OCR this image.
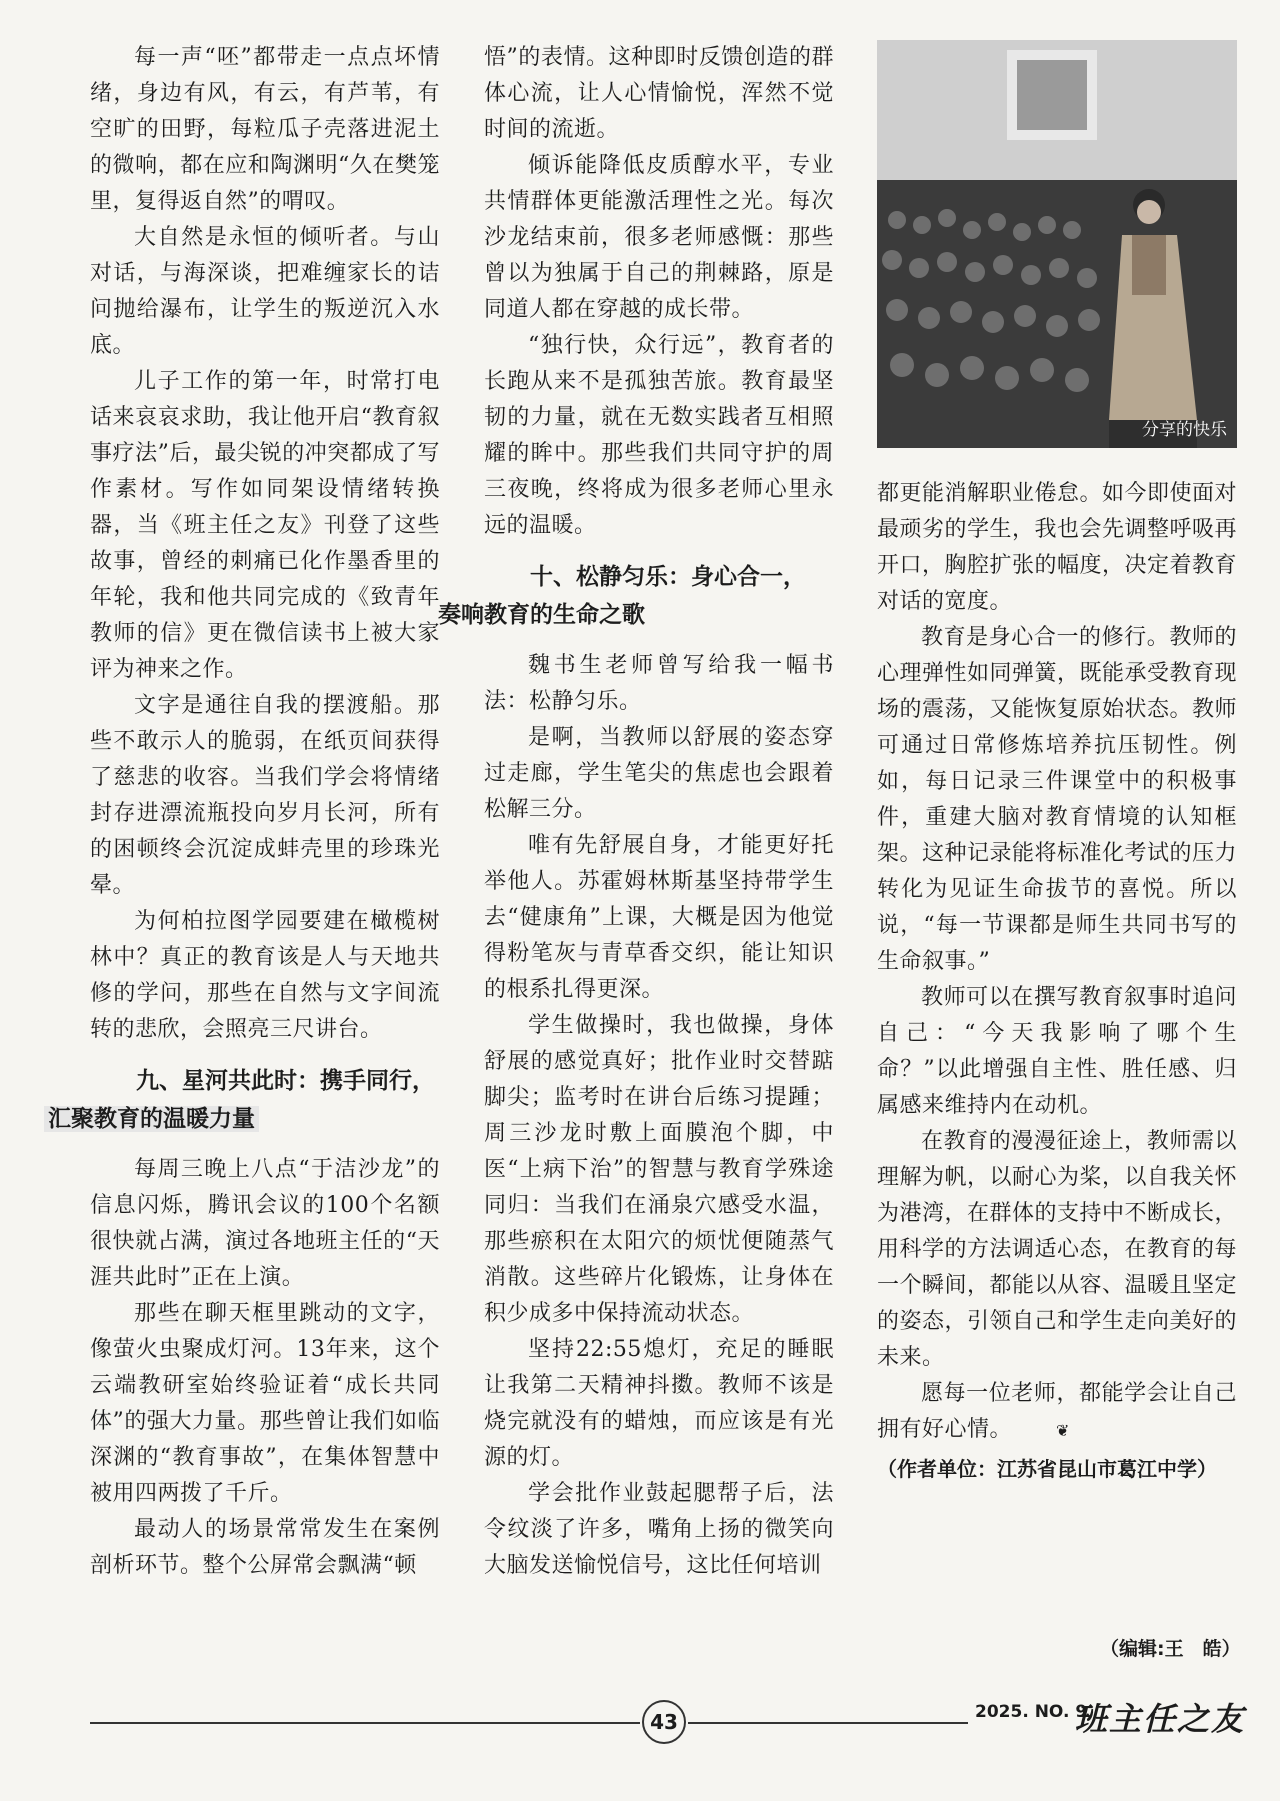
每一声“呸”都带走一点点坏情绪，身边有风，有云，有芦苇，有空旷的田野，每粒瓜子壳落进泥土的微响，都在应和陶渊明“久在樊笼里，复得返自然”的喟叹。

大自然是永恒的倾听者。与山对话，与海深谈，把难缠家长的诘问抛给瀑布，让学生的叛逆沉入水底。

儿子工作的第一年，时常打电话来哀哀求助，我让他开启“教育叙事疗法”后，最尖锐的冲突都成了写作素材。写作如同架设情绪转换器，当《班主任之友》刊登了这些故事，曾经的刺痛已化作墨香里的年轮，我和他共同完成的《致青年教师的信》更在微信读书上被大家评为神来之作。

文字是通往自我的摆渡船。那些不敢示人的脆弱，在纸页间获得了慈悲的收容。当我们学会将情绪封存进漂流瓶投向岁月长河，所有的困顿终会沉淀成蚌壳里的珍珠光晕。

为何柏拉图学园要建在橄榄树林中？真正的教育该是人与天地共修的学问，那些在自然与文字间流转的悲欣，会照亮三尺讲台。

九、星河共此时：携手同行，
汇聚教育的温暖力量

每周三晚上八点“于洁沙龙”的信息闪烁，腾讯会议的100个名额很快就占满，演过各地班主任的“天涯共此时”正在上演。

那些在聊天框里跳动的文字，像萤火虫聚成灯河。13年来，这个云端教研室始终验证着“成长共同体”的强大力量。那些曾让我们如临深渊的“教育事故”，在集体智慧中被用四两拨了千斤。

最动人的场景常常发生在案例剖析环节。整个公屏常会飘满“顿

悟”的表情。这种即时反馈创造的群体心流，让人心情愉悦，浑然不觉时间的流逝。

倾诉能降低皮质醇水平，专业共情群体更能激活理性之光。每次沙龙结束前，很多老师感慨：那些曾以为独属于自己的荆棘路，原是同道人都在穿越的成长带。

“独行快，众行远”，教育者的长跑从来不是孤独苦旅。教育最坚韧的力量，就在无数实践者互相照耀的眸中。那些我们共同守护的周三夜晚，终将成为很多老师心里永远的温暖。

十、松静匀乐：身心合一，
奏响教育的生命之歌

魏书生老师曾写给我一幅书法：松静匀乐。

是啊，当教师以舒展的姿态穿过走廊，学生笔尖的焦虑也会跟着松解三分。

唯有先舒展自身，才能更好托举他人。苏霍姆林斯基坚持带学生去“健康角”上课，大概是因为他觉得粉笔灰与青草香交织，能让知识的根系扎得更深。

学生做操时，我也做操，身体舒展的感觉真好；批作业时交替踮脚尖；监考时在讲台后练习提踵；周三沙龙时敷上面膜泡个脚，中医“上病下治”的智慧与教育学殊途同归：当我们在涌泉穴感受水温，那些瘀积在太阳穴的烦忧便随蒸气消散。这些碎片化锻炼，让身体在积少成多中保持流动状态。

坚持22:55熄灯，充足的睡眠让我第二天精神抖擞。教师不该是烧完就没有的蜡烛，而应该是有光源的灯。

学会批作业鼓起腮帮子后，法令纹淡了许多，嘴角上扬的微笑向大脑发送愉悦信号，这比任何培训

分享的快乐

都更能消解职业倦怠。如今即使面对最顽劣的学生，我也会先调整呼吸再开口，胸腔扩张的幅度，决定着教育对话的宽度。

教育是身心合一的修行。教师的心理弹性如同弹簧，既能承受教育现场的震荡，又能恢复原始状态。教师可通过日常修炼培养抗压韧性。例如，每日记录三件课堂中的积极事件，重建大脑对教育情境的认知框架。这种记录能将标准化考试的压力转化为见证生命拔节的喜悦。所以说，“每一节课都是师生共同书写的生命叙事。”

教师可以在撰写教育叙事时追问自己：“今天我影响了哪个生命？”以此增强自主性、胜任感、归属感来维持内在动机。

在教育的漫漫征途上，教师需以理解为帆，以耐心为桨，以自我关怀为港湾，在群体的支持中不断成长，用科学的方法调适心态，在教育的每一个瞬间，都能以从容、温暖且坚定的姿态，引领自己和学生走向美好的未来。

愿每一位老师，都能学会让自己拥有好心情。	❦

（作者单位：江苏省昆山市葛江中学）

（编辑:王　皓）
43	2025. NO. 9
班主任之友
